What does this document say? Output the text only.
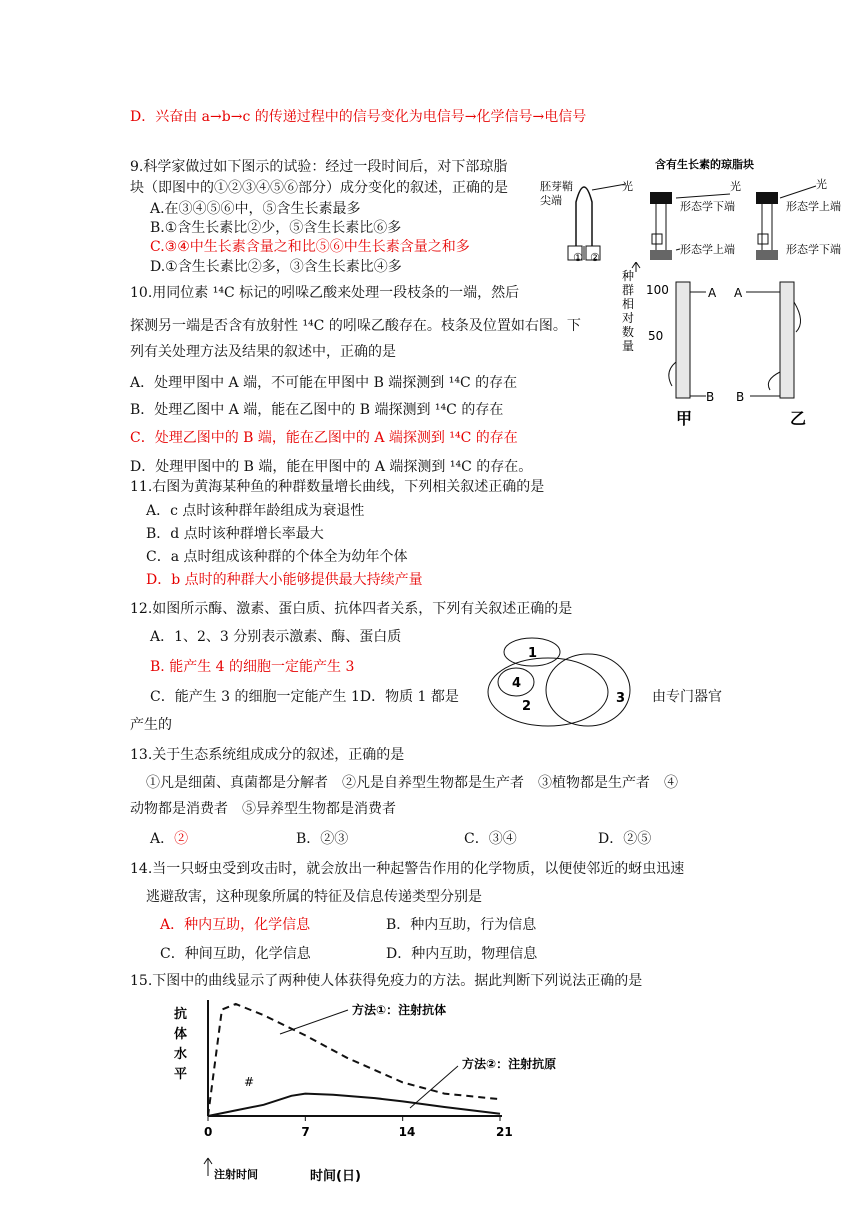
D．兴奋由 a→b→c 的传递过程中的信号变化为电信号→化学信号→电信号
9.科学家做过如下图示的试验：经过一段时间后，对下部琼脂
块（即图中的①②③④⑤⑥部分）成分变化的叙述，正确的是
A.在③④⑤⑥中，⑤含生长素最多
B.①含生长素比②少，⑤含生长素比⑥多
C.③④中生长素含量之和比⑤⑥中生长素含量之和多
D.①含生长素比②多，③含生长素比④多
含有生长素的琼脂块
胚芽鞘
尖端
光	光	光
形态学下端	形态学上端
形态学上端	形态学下端
① ②
10.用同位素 ¹⁴C 标记的吲哚乙酸来处理一段枝条的一端，然后
探测另一端是否含有放射性 ¹⁴C 的吲哚乙酸存在。枝条及位置如右图。下
列有关处理方法及结果的叙述中，正确的是
A．处理甲图中 A 端，不可能在甲图中 B 端探测到 ¹⁴C 的存在
B．处理乙图中 A 端，能在乙图中的 B 端探测到 ¹⁴C 的存在
C．处理乙图中的 B 端，能在乙图中的 A 端探测到 ¹⁴C 的存在
D．处理甲图中的 B 端，能在甲图中的 A 端探测到 ¹⁴C 的存在。
种
群
相
对
数
量
100
50
A
B
A
B
甲	乙
11.右图为黄海某种鱼的种群数量增长曲线，下列相关叙述正确的是
A．c 点时该种群年龄组成为衰退性
B．d 点时该种群增长率最大
C．a 点时组成该种群的个体全为幼年个体
D．b 点时的种群大小能够提供最大持续产量
12.如图所示酶、激素、蛋白质、抗体四者关系，下列有关叙述正确的是
A．1、2、3 分别表示激素、酶、蛋白质
B. 能产生 4 的细胞一定能产生 3
C．能产生 3 的细胞一定能产生 1D．物质 1 都是	由专门器官
产生的
1
4
2
3
13.关于生态系统组成成分的叙述，正确的是
①凡是细菌、真菌都是分解者　②凡是自养型生物都是生产者　③植物都是生产者　④
动物都是消费者　⑤异养型生物都是消费者
A．②	B．②③	C．③④	D．②⑤
14.当一只蚜虫受到攻击时，就会放出一种起警告作用的化学物质，以便使邻近的蚜虫迅速
逃避敌害，这种现象所属的特征及信息传递类型分别是
A．种内互助，化学信息	B．种内互助，行为信息
C．种间互助，化学信息	D．种内互助，物理信息
15.下图中的曲线显示了两种使人体获得免疫力的方法。据此判断下列说法正确的是
抗
体
水
平
0	7	14	21
注射时间	时间(日)
#
方法①：注射抗体
方法②：注射抗原
